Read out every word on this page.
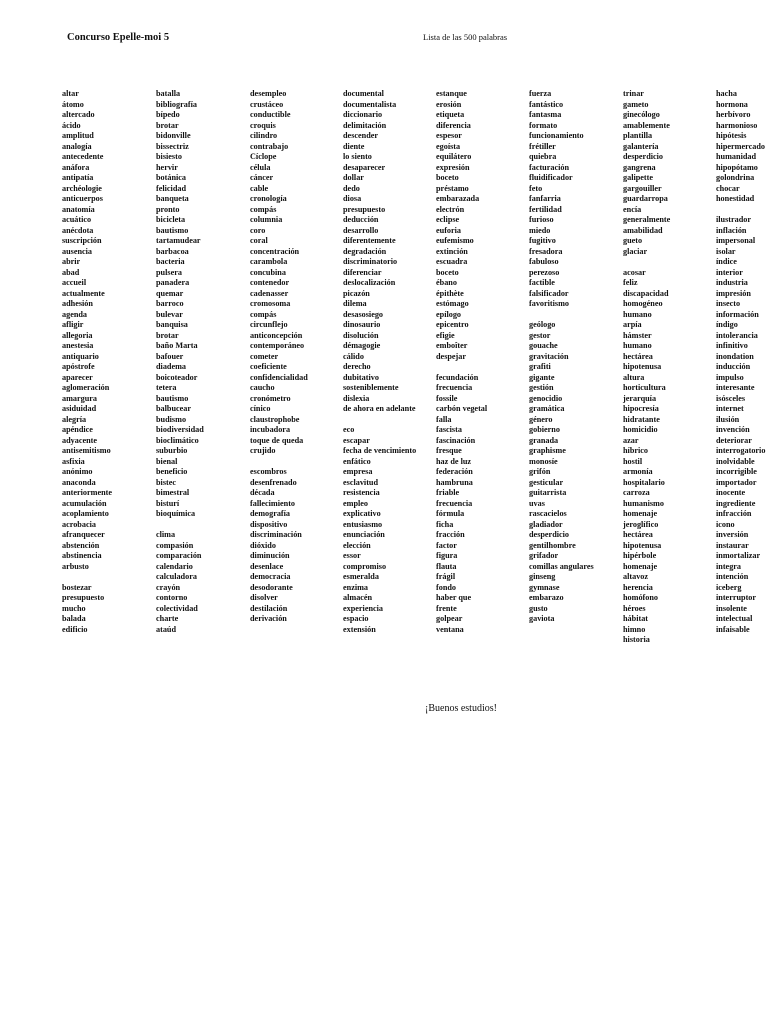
Concurso Epelle-moi 5	Lista de las 500 palabras
altar
átomo
altercado
ácido
amplitud
analogía
antecedente
anáfora
antipatía
archéologie
anticuerpos
anatomía
acuático
anécdota
suscripción
ausencia
abrir
abad
accueil
actualmente
adhesión
agenda
afligir
allegoria
anestesia
antiquario
apóstrofe
aparecer
aglomeración
amargura
asiduidad
alegría
apéndice
adyacente
antisemitismo
asfixia
anónimo
anaconda
anteriormente
acumulación
acoplamiento
acrobacia
afranquecer
abstención
abstinencia
arbusto
bostezar
presupuesto
mucho
balada
edificio
batalla
bibliografía
bípedo
brotar
bidonville
bissectriz
bisiesto
hervir
botánica
felicidad
banqueta
pronto
bicicleta
bautismo
tartamudear
barbacoa
bacteria
pulsera
panadera
quemar
barroco
bulevar
banquisa
brotar
baño Marta
bafouer
diadema
boicoteador
tetera
bautismo
balbucear
budismo
biodiversidad
bioclimático
suburbio
bienal
beneficio
bistec
bimestral
bisturí
bioquímica
clima
compasión
comparación
calendario
calculadora
crayón
contorno
colectividad
charte
ataúd
desempleo
crustáceo
conductible
croquis
cilindro
contrabajo
Cíclope
célula
cáncer
cable
cronología
compás
columnia
coro
coral
concentración
carambola
concubina
contenedor
cadenasser
cromosoma
compás
circunflejo
anticoncepción
contemporáneo
cometer
coeficiente
confidencialidad
caucho
cronómetro
cínico
claustrophobe
incubadora
toque de queda
crujido
escombros
desenfrenado
década
fallecimiento
demografía
dispositivo
discriminación
dióxido
diminución
desenlace
democracia
desodorante
disolver
destilación
derivación
documental
documentalista
diccionario
delimitación
descender
diente
lo siento
desaparecer
dollar
dedo
diosa
presupuesto
deducción
desarrollo
diferentemente
degradación
discriminatorio
diferenciar
deslocalización
picazón
dilema
desasosiego
dinosaurio
disolución
démagogie
cálido
derecho
dubitativo
sosteniblemente
dislexia
de ahora en adelante
eco
escapar
fecha de vencimiento
enfático
empresa
esclavitud
resistencia
empleo
explicativo
entusiasmo
enunciación
elección
essor
compromiso
esmeralda
enzima
almacén
experiencia
espacio
extensión
estanque
erosión
etiqueta
diferencia
espesor
egoísta
equilátero
expresión
boceto
préstamo
embarazada
electrón
eclipse
euforia
eufemismo
extinción
escuadra
boceto
ébano
épithète
estómago
epílogo
epicentro
efigie
emboîter
despejar
fecundación
frecuencia
fossile
carbón vegetal
falla
fascista
fascinación
fresque
haz de luz
federación
hambruna
friable
frecuencia
fórmula
ficha
fracción
factor
figura
flauta
frágil
fondo
haber que
frente
golpear
ventana
fuerza
fantástico
fantasma
formato
funcionamiento
frétiller
quiebra
facturación
fluidificador
feto
fanfarria
fertilidad
furioso
miedo
fugitivo
fresadora
fabuloso
perezoso
factible
falsificador
favoritismo
geólogo
gestor
gouache
gravitación
grafiti
gigante
gestión
genocidio
gramática
género
gobierno
granada
graphisme
monosíe
grifón
gesticular
guitarrista
uvas
rascacielos
gladiador
desperdicio
gentilhombre
grifador
comillas angulares
ginseng
gymnase
embarazo
gusto
gaviota
trinar
gameto
ginecólogo
amablemente
plantilla
galantería
desperdicio
gangrena
galipette
gargouiller
guardarropa
encía
generalmente
amabilidad
gueto
glaciar
acosar
feliz
discapacidad
homogéneo
humano
arpía
hámster
humano
hectárea
hipotenusa
altura
horticultura
jerarquía
hipocresía
hidratante
homicidio
azar
híbrico
hostil
armonía
hospitalario
carroza
humanismo
homenaje
jeroglífico
hectárea
hipotenusa
hipérbole
homenaje
altavoz
herencia
homófono
héroes
hábitat
himno
historia
hacha
hormona
herbívoro
harmonioso
hipótesis
hipermercado
humanidad
hipopótamo
golondrina
chocar
honestidad
ilustrador
inflación
impersonal
isolar
índice
interior
industria
impresión
insecto
información
índigo
intolerancia
infinitivo
inondation
inducción
impulso
interesante
isósceles
internet
ilusión
invención
deteriorar
interrogatorio
inolvidable
incorrigible
importador
inocente
ingrediente
infracción
icono
inversión
instaurar
inmortalizar
integra
intención
iceberg
interruptor
insolente
intelectual
infaisable
¡Buenos estudios!
